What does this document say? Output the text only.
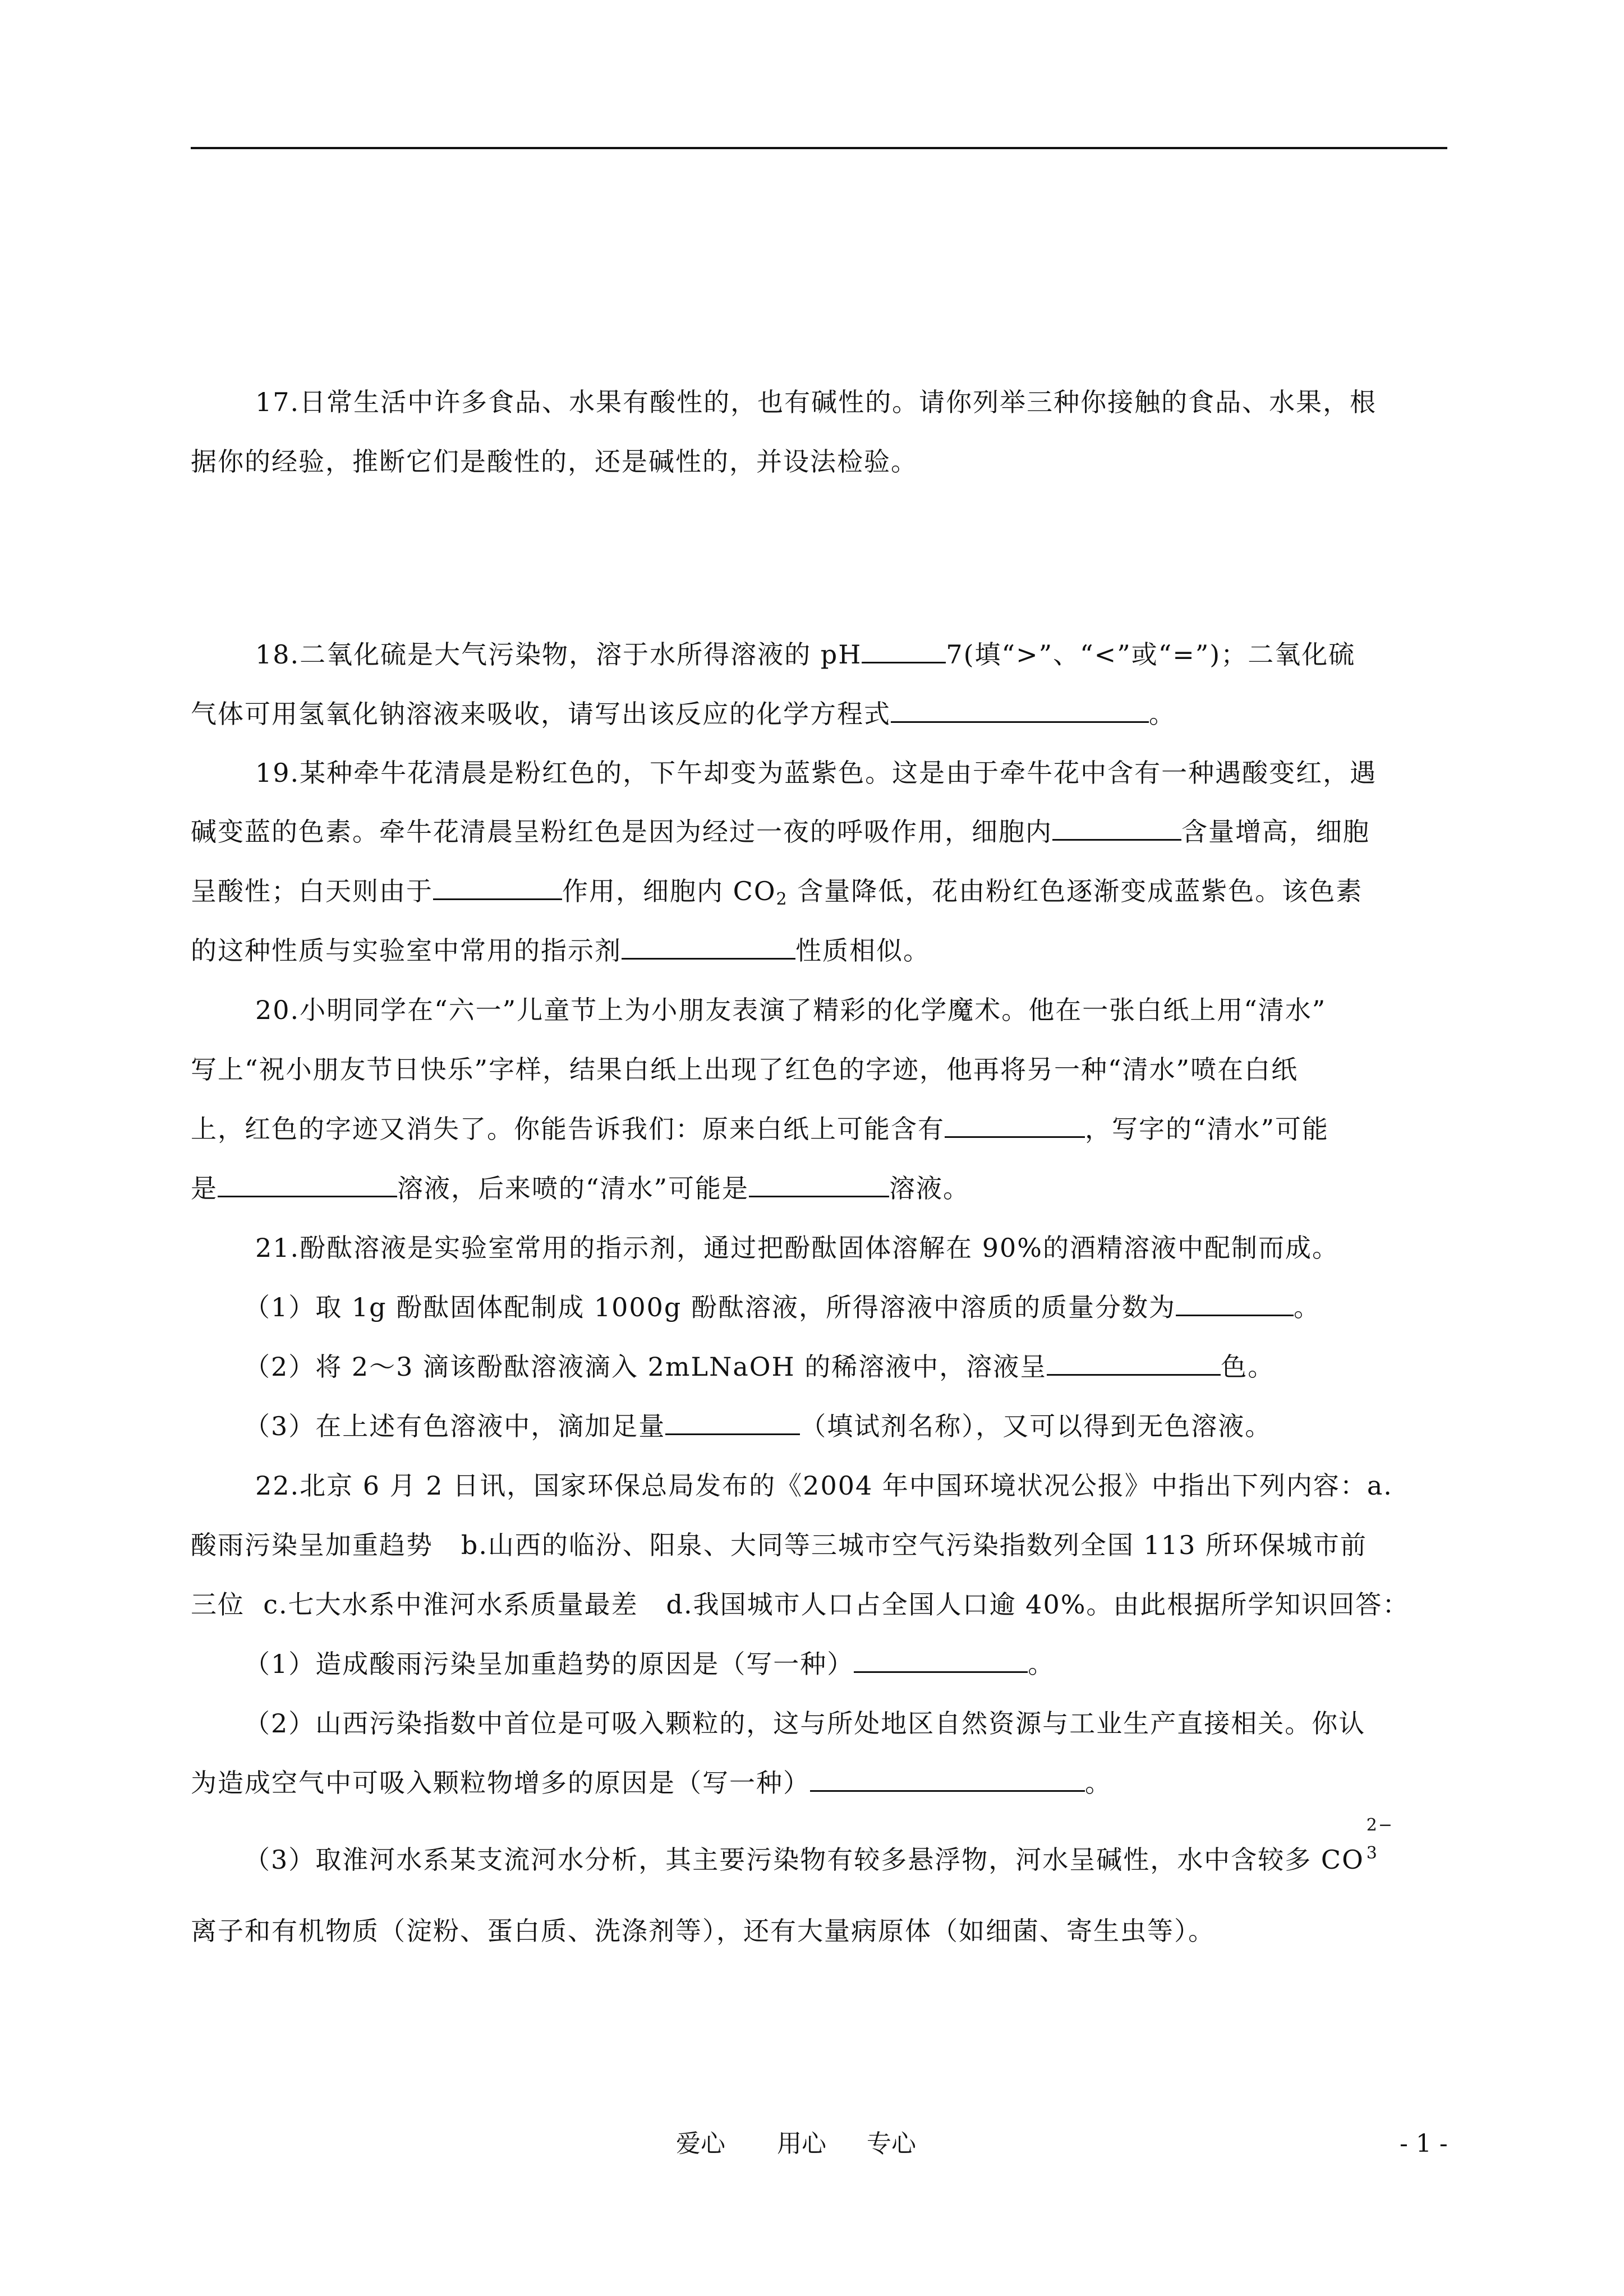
17.日常生活中许多食品、水果有酸性的，也有碱性的。请你列举三种你接触的食品、水果，根
据你的经验，推断它们是酸性的，还是碱性的，并设法检验。
18.二氧化硫是大气污染物，溶于水所得溶液的 pH	7(填“>”、“<”或“=”)；二氧化硫
气体可用氢氧化钠溶液来吸收，请写出该反应的化学方程式	。
19.某种牵牛花清晨是粉红色的，下午却变为蓝紫色。这是由于牵牛花中含有一种遇酸变红，遇
碱变蓝的色素。牵牛花清晨呈粉红色是因为经过一夜的呼吸作用，细胞内	含量增高，细胞
呈酸性；白天则由于	作用，细胞内 $CO_2$ 含量降低，花由粉红色逐渐变成蓝紫色。该色素
的这种性质与实验室中常用的指示剂	性质相似。
20.小明同学在“六一”儿童节上为小朋友表演了精彩的化学魔术。他在一张白纸上用“清水”
写上“祝小朋友节日快乐”字样，结果白纸上出现了红色的字迹，他再将另一种“清水”喷在白纸
上，红色的字迹又消失了。你能告诉我们：原来白纸上可能含有	，写字的“清水”可能
是	溶液，后来喷的“清水”可能是	溶液。
21.酚酞溶液是实验室常用的指示剂，通过把酚酞固体溶解在 90%的酒精溶液中配制而成。
（1）取 1g 酚酞固体配制成 1000g 酚酞溶液，所得溶液中溶质的质量分数为	。
（2）将 2～3 滴该酚酞溶液滴入 2mLNaOH 的稀溶液中，溶液呈	色。
（3）在上述有色溶液中，滴加足量	（填试剂名称），又可以得到无色溶液。
22.北京 6 月 2 日讯，国家环保总局发布的《2004 年中国环境状况公报》中指出下列内容：a.
酸雨污染呈加重趋势   b.山西的临汾、阳泉、大同等三城市空气污染指数列全国 113 所环保城市前
三位  c.七大水系中淮河水系质量最差   d.我国城市人口占全国人口逾 40%。由此根据所学知识回答：
（1）造成酸雨污染呈加重趋势的原因是（写一种）	。
（2）山西污染指数中首位是可吸入颗粒的，这与所处地区自然资源与工业生产直接相关。你认
为造成空气中可吸入颗粒物增多的原因是（写一种）	。
（3）取淮河水系某支流河水分析，其主要污染物有较多悬浮物，河水呈碱性，水中含较多 CO
2−
3
离子和有机物质（淀粉、蛋白质、洗涤剂等），还有大量病原体（如细菌、寄生虫等）。
爱心 用心 专心	- 1 -
